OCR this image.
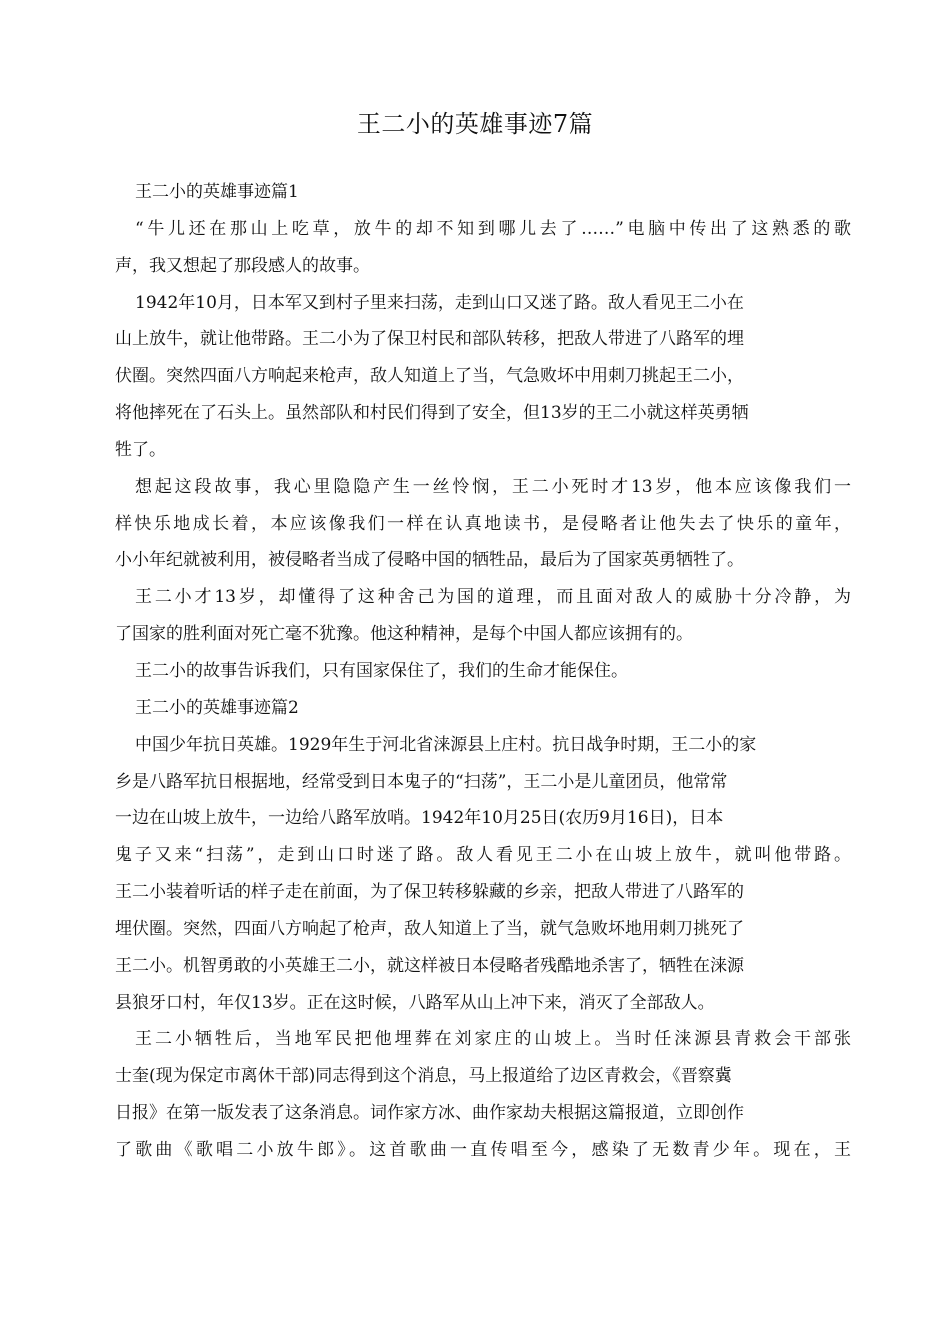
王二小的英雄事迹7篇
王二小的英雄事迹篇1
“牛儿还在那山上吃草，放牛的却不知到哪儿去了……”电脑中传出了这熟悉的歌
声，我又想起了那段感人的故事。
1942年10月，日本军又到村子里来扫荡，走到山口又迷了路。敌人看见王二小在
山上放牛，就让他带路。王二小为了保卫村民和部队转移，把敌人带进了八路军的埋
伏圈。突然四面八方响起来枪声，敌人知道上了当，气急败坏中用刺刀挑起王二小，
将他摔死在了石头上。虽然部队和村民们得到了安全，但13岁的王二小就这样英勇牺
牲了。
想起这段故事，我心里隐隐产生一丝怜悯，王二小死时才13岁，他本应该像我们一
样快乐地成长着，本应该像我们一样在认真地读书，是侵略者让他失去了快乐的童年，
小小年纪就被利用，被侵略者当成了侵略中国的牺牲品，最后为了国家英勇牺牲了。
王二小才13岁，却懂得了这种舍己为国的道理，而且面对敌人的威胁十分冷静，为
了国家的胜利面对死亡毫不犹豫。他这种精神，是每个中国人都应该拥有的。
王二小的故事告诉我们，只有国家保住了，我们的生命才能保住。
王二小的英雄事迹篇2
中国少年抗日英雄。1929年生于河北省涞源县上庄村。抗日战争时期，王二小的家
乡是八路军抗日根据地，经常受到日本鬼子的“扫荡”，王二小是儿童团员，他常常
一边在山坡上放牛，一边给八路军放哨。1942年10月25日(农历9月16日)，日本
鬼子又来“扫荡”，走到山口时迷了路。敌人看见王二小在山坡上放牛，就叫他带路。
王二小装着听话的样子走在前面，为了保卫转移躲藏的乡亲，把敌人带进了八路军的
埋伏圈。突然，四面八方响起了枪声，敌人知道上了当，就气急败坏地用刺刀挑死了
王二小。机智勇敢的小英雄王二小，就这样被日本侵略者残酷地杀害了，牺牲在涞源
县狼牙口村，年仅13岁。正在这时候，八路军从山上冲下来，消灭了全部敌人。
王二小牺牲后，当地军民把他埋葬在刘家庄的山坡上。当时任涞源县青救会干部张
士奎(现为保定市离休干部)同志得到这个消息，马上报道给了边区青救会，《晋察冀
日报》在第一版发表了这条消息。词作家方冰、曲作家劫夫根据这篇报道，立即创作
了歌曲《歌唱二小放牛郎》。这首歌曲一直传唱至今，感染了无数青少年。现在，王
